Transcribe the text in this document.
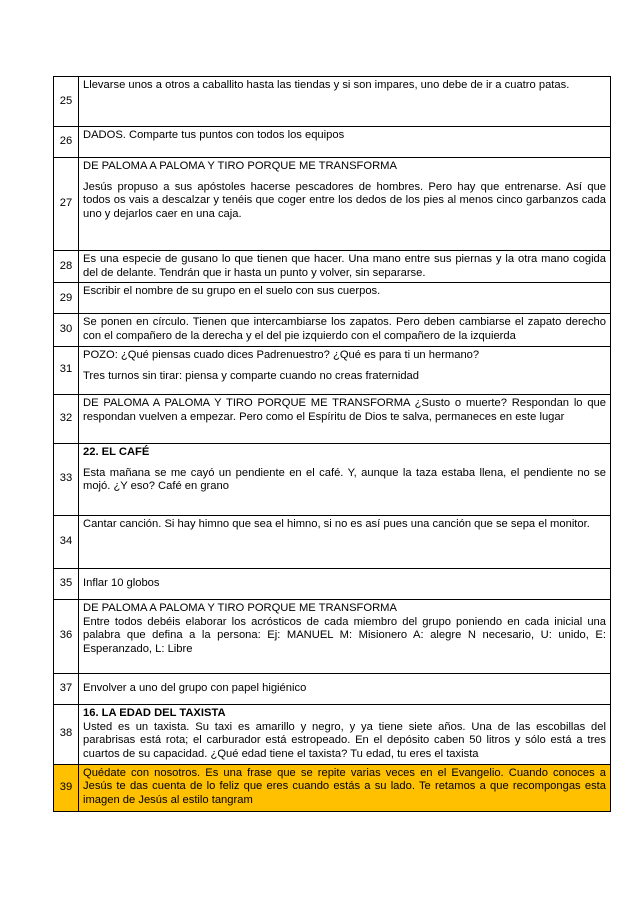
25	Llevarse unos a otros a caballito hasta las tiendas y si son impares, uno debe de ir a cuatro patas.

26	DADOS. Comparte tus puntos con todos los equipos

27	DE PALOMA A PALOMA Y TIRO PORQUE ME TRANSFORMA
Jesús propuso a sus apóstoles hacerse pescadores de hombres. Pero hay que entrenarse. Así que todos os vais a descalzar y tenéis que coger entre los dedos de los pies al menos cinco garbanzos cada uno y dejarlos caer en una caja.

28	Es una especie de gusano lo que tienen que hacer. Una mano entre sus piernas y la otra mano cogida del de delante. Tendrán que ir hasta un punto y volver, sin separarse.

29	Escribir el nombre de su grupo en el suelo con sus cuerpos.

30	Se ponen en círculo. Tienen que intercambiarse los zapatos. Pero deben cambiarse el zapato derecho con el compañero de la derecha y el del pie izquierdo con el compañero de la izquierda

31	POZO: ¿Qué piensas cuado dices Padrenuestro? ¿Qué es para ti un hermano?
Tres turnos sin tirar: piensa y comparte cuando no creas fraternidad

32	DE PALOMA A PALOMA Y TIRO PORQUE ME TRANSFORMA ¿Susto o muerte? Respondan lo que respondan vuelven a empezar. Pero como el Espíritu de Dios te salva, permaneces en este lugar

33	22. EL CAFÉ
Esta mañana se me cayó un pendiente en el café. Y, aunque la taza estaba llena, el pendiente no se mojó. ¿Y eso? Café en grano

34	Cantar canción. Si hay himno que sea el himno, si no es así pues una canción que se sepa el monitor.

35	Inflar 10 globos

36	DE PALOMA A PALOMA Y TIRO PORQUE ME TRANSFORMA
Entre todos debéis elaborar los acrósticos de cada miembro del grupo poniendo en cada inicial una palabra que defina a la persona: Ej: MANUEL M: Misionero A: alegre N necesario, U: unido, E: Esperanzado, L: Libre

37	Envolver a uno del grupo con papel higiénico

38	16. LA EDAD DEL TAXISTA
Usted es un taxista. Su taxi es amarillo y negro, y ya tiene siete años. Una de las escobillas del parabrisas está rota; el carburador está estropeado. En el depósito caben 50 litros y sólo está a tres cuartos de su capacidad. ¿Qué edad tiene el taxista? Tu edad, tu eres el taxista

39	Quédate con nosotros. Es una frase que se repite varias veces en el Evangelio. Cuando conoces a Jesús te das cuenta de lo feliz que eres cuando estás a su lado. Te retamos a que recompongas esta imagen de Jesús al estilo tangram
